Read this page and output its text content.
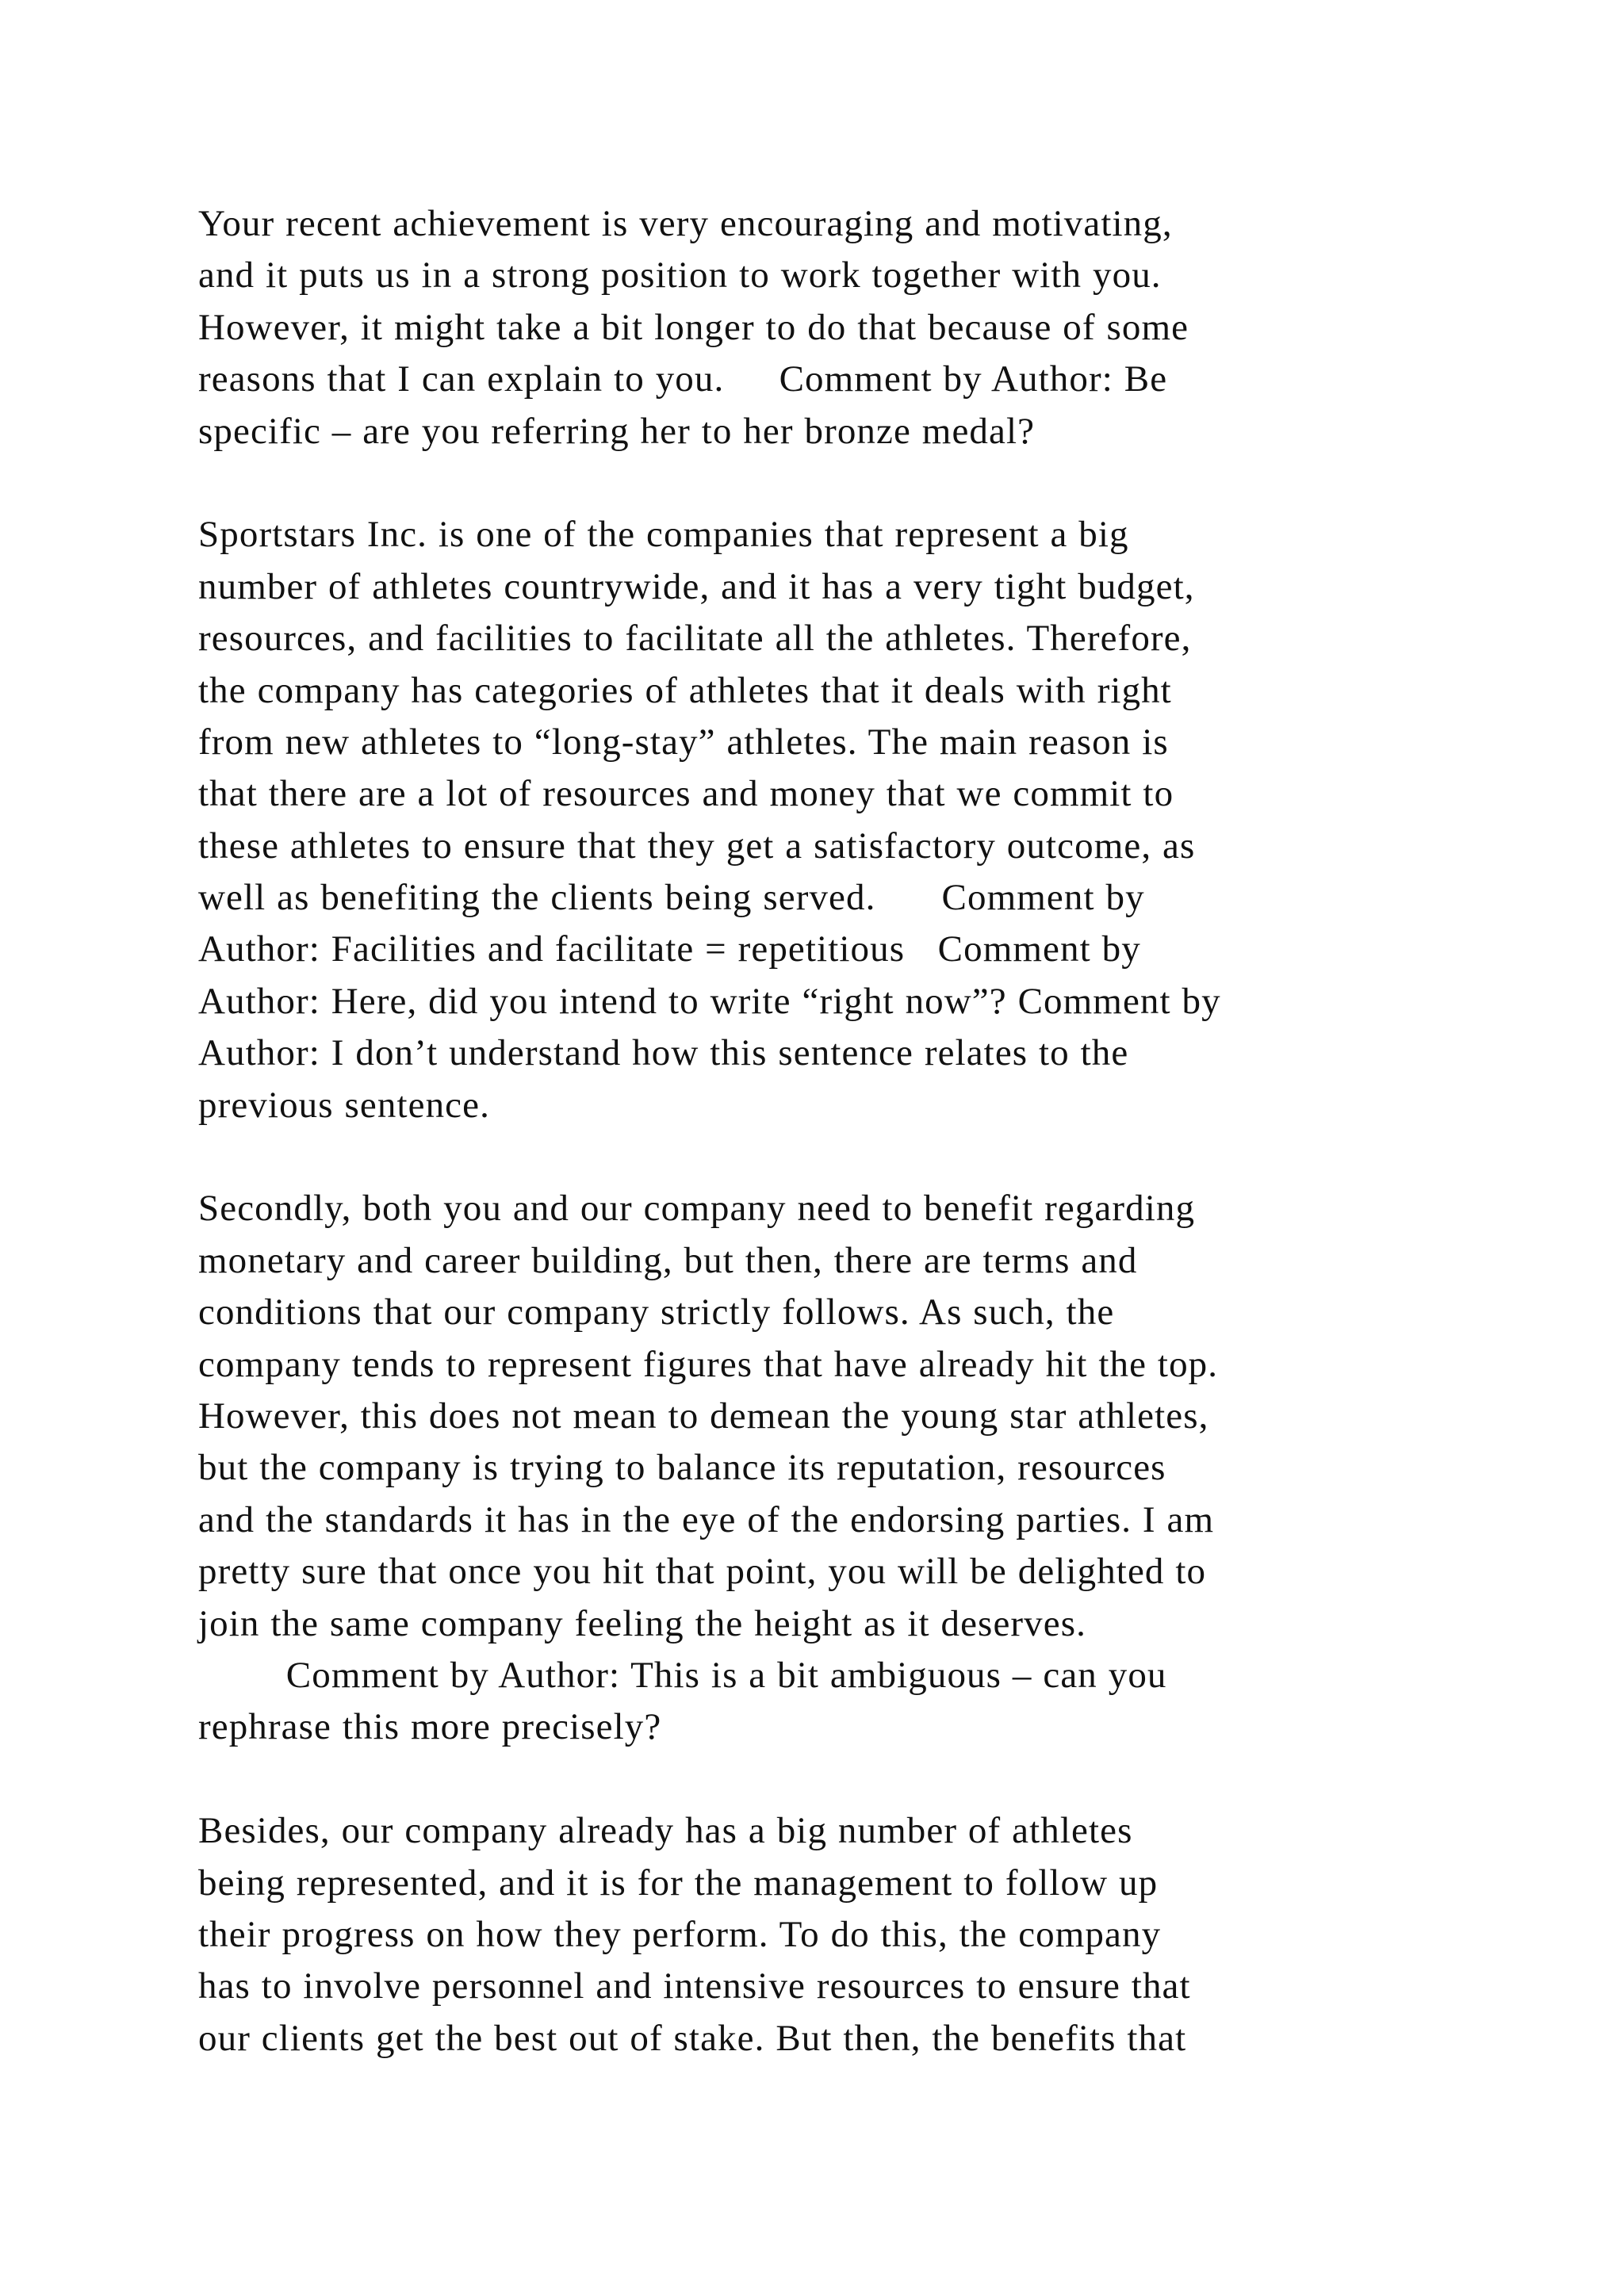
Your recent achievement is very encouraging and motivating,
and it puts us in a strong position to work together with you.
However, it might take a bit longer to do that because of some
reasons that I can explain to you.     Comment by Author: Be
specific – are you referring her to her bronze medal?
Sportstars Inc. is one of the companies that represent a big
number of athletes countrywide, and it has a very tight budget,
resources, and facilities to facilitate all the athletes. Therefore,
the company has categories of athletes that it deals with right
from new athletes to “long-stay” athletes. The main reason is
that there are a lot of resources and money that we commit to
these athletes to ensure that they get a satisfactory outcome, as
well as benefiting the clients being served.      Comment by
Author: Facilities and facilitate = repetitious   Comment by
Author: Here, did you intend to write “right now”? Comment by
Author: I don’t understand how this sentence relates to the
previous sentence.
Secondly, both you and our company need to benefit regarding
monetary and career building, but then, there are terms and
conditions that our company strictly follows. As such, the
company tends to represent figures that have already hit the top.
However, this does not mean to demean the young star athletes,
but the company is trying to balance its reputation, resources
and the standards it has in the eye of the endorsing parties. I am
pretty sure that once you hit that point, you will be delighted to
join the same company feeling the height as it deserves.
Comment by Author: This is a bit ambiguous – can you
rephrase this more precisely?
Besides, our company already has a big number of athletes
being represented, and it is for the management to follow up
their progress on how they perform. To do this, the company
has to involve personnel and intensive resources to ensure that
our clients get the best out of stake. But then, the benefits that
